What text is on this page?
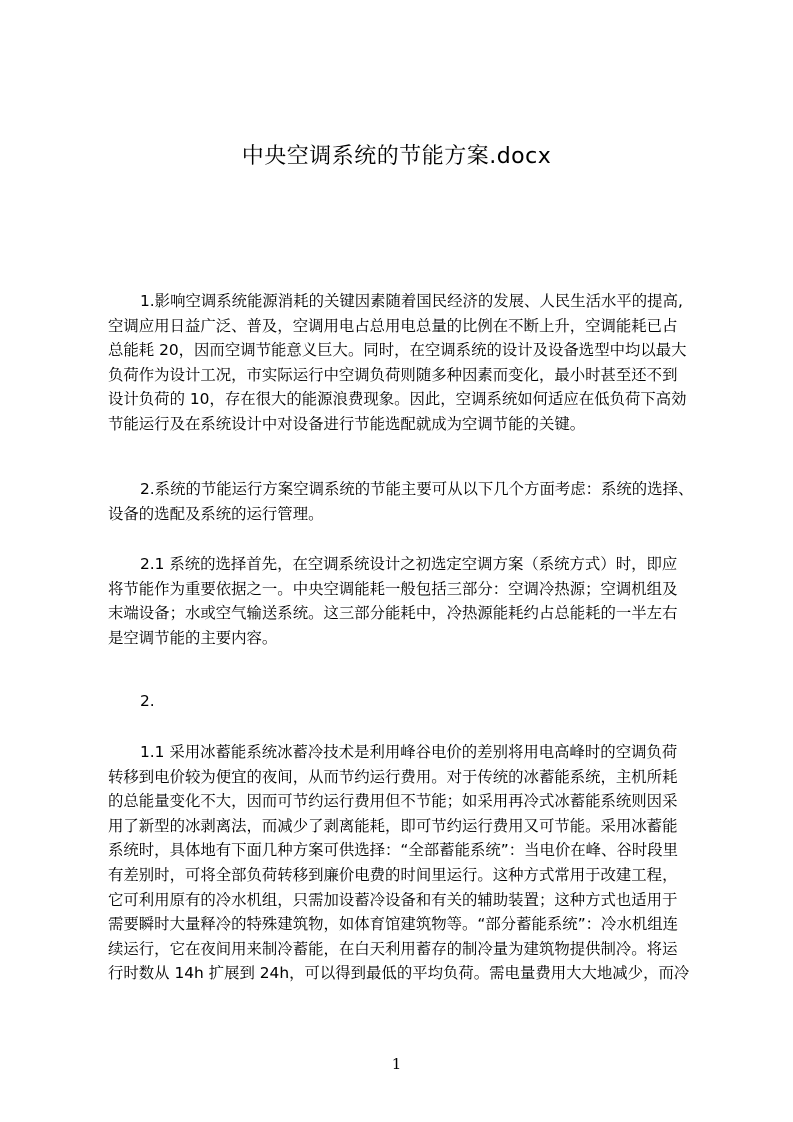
中央空调系统的节能方案.docx
1.影响空调系统能源消耗的关键因素随着国民经济的发展、人民生活水平的提高,
空调应用日益广泛、普及，空调用电占总用电总量的比例在不断上升，空调能耗已占
总能耗 20，因而空调节能意义巨大。同时，在空调系统的设计及设备选型中均以最大
负荷作为设计工况，市实际运行中空调负荷则随多种因素而变化，最小时甚至还不到
设计负荷的 10，存在很大的能源浪费现象。因此，空调系统如何适应在低负荷下高効
节能运行及在系统设计中对设备进行节能选配就成为空调节能的关键。
2.系统的节能运行方案空调系统的节能主要可从以下几个方面考虑：系统的选择、
设备的选配及系统的运行管理。
2.1 系统的选择首先，在空调系统设计之初选定空调方案（系统方式）时，即应
将节能作为重要依据之一。中央空调能耗一般包括三部分：空调冷热源；空调机组及
末端设备；水或空气输送系统。这三部分能耗中，冷热源能耗约占总能耗的一半左右
是空调节能的主要内容。
2.
1.1 采用冰蓄能系统冰蓄冷技术是利用峰谷电价的差别将用电高峰时的空调负荷
转移到电价较为便宜的夜间，从而节约运行费用。对于传统的冰蓄能系统，主机所耗
的总能量变化不大，因而可节约运行费用但不节能；如采用再冷式冰蓄能系统则因采
用了新型的冰剥离法，而减少了剥离能耗，即可节约运行费用又可节能。采用冰蓄能
系统时，具体地有下面几种方案可供选择：“全部蓄能系统”：当电价在峰、谷时段里
有差别时，可将全部负荷转移到廉价电费的时间里运行。这种方式常用于改建工程，
它可利用原有的冷水机组，只需加设蓄冷设备和有关的辅助装置；这种方式也适用于
需要瞬时大量释冷的特殊建筑物，如体育馆建筑物等。“部分蓄能系统”：冷水机组连
续运行，它在夜间用来制冷蓄能，在白天利用蓄存的制冷量为建筑物提供制冷。将运
行时数从 14h 扩展到 24h，可以得到最低的平均负荷。需电量费用大大地减少，而冷
1
